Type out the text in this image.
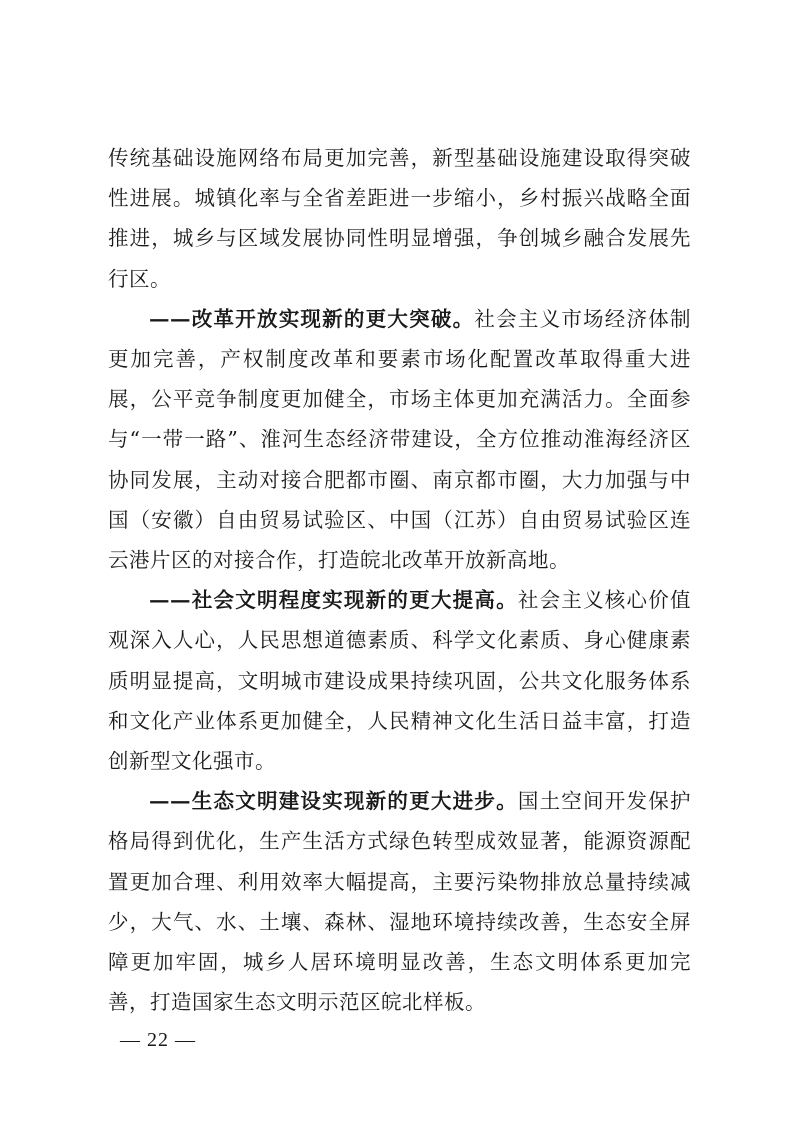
传统基础设施网络布局更加完善，新型基础设施建设取得突破性进展。城镇化率与全省差距进一步缩小，乡村振兴战略全面推进，城乡与区域发展协同性明显增强，争创城乡融合发展先行区。

——改革开放实现新的更大突破。社会主义市场经济体制更加完善，产权制度改革和要素市场化配置改革取得重大进展，公平竞争制度更加健全，市场主体更加充满活力。全面参与“一带一路”、淮河生态经济带建设，全方位推动淮海经济区协同发展，主动对接合肥都市圈、南京都市圈，大力加强与中国（安徽）自由贸易试验区、中国（江苏）自由贸易试验区连云港片区的对接合作，打造皖北改革开放新高地。

——社会文明程度实现新的更大提高。社会主义核心价值观深入人心，人民思想道德素质、科学文化素质、身心健康素质明显提高，文明城市建设成果持续巩固，公共文化服务体系和文化产业体系更加健全，人民精神文化生活日益丰富，打造创新型文化强市。

——生态文明建设实现新的更大进步。国土空间开发保护格局得到优化，生产生活方式绿色转型成效显著，能源资源配置更加合理、利用效率大幅提高，主要污染物排放总量持续减少，大气、水、土壤、森林、湿地环境持续改善，生态安全屏障更加牢固，城乡人居环境明显改善，生态文明体系更加完善，打造国家生态文明示范区皖北样板。

— 22 —
